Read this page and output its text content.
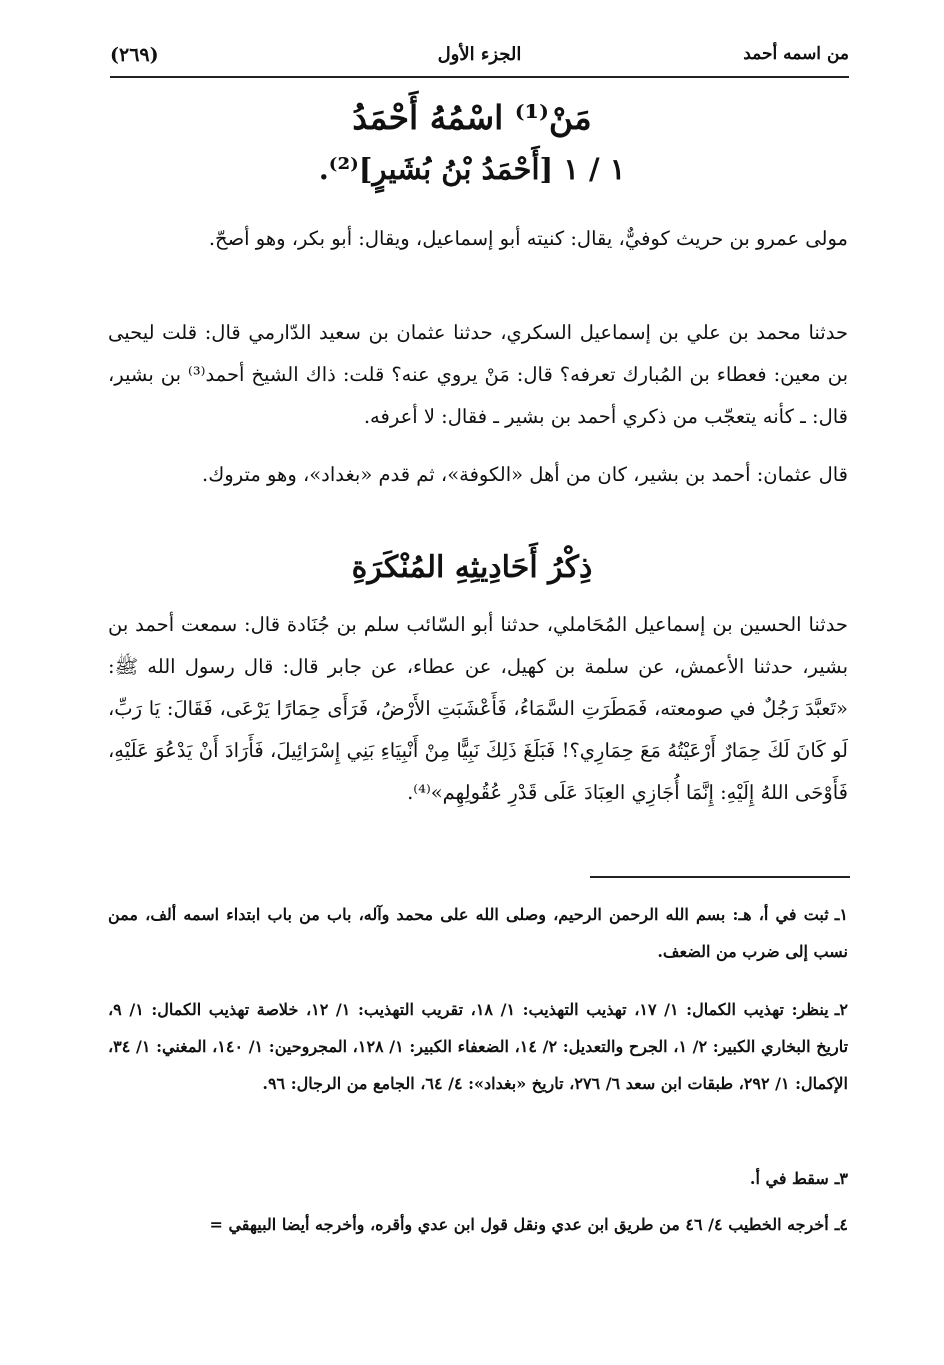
من اسمه أحمد
الجزء الأول
(٢٦٩)
مَنْ⁽¹⁾ اسْمُهُ أَحْمَدُ
١ / ١ [أَحْمَدُ بْنُ بُشَيرٍ]⁽²⁾.
مولى عمرو بن حريث كوفيٌّ، يقال: كنيته أبو إسماعيل، ويقال: أبو بكر، وهو أصحّ.
حدثنا محمد بن علي بن إسماعيل السكري، حدثنا عثمان بن سعيد الدّارمي قال: قلت ليحيى بن معين: فعطاء بن المُبارك تعرفه؟ قال: مَنْ يروي عنه؟ قلت: ذاك الشيخ أحمد⁽³⁾ بن بشير، قال: ـ كأنه يتعجّب من ذكري أحمد بن بشير ـ فقال: لا أعرفه.
قال عثمان: أحمد بن بشير، كان من أهل «الكوفة»، ثم قدم «بغداد»، وهو متروك.
ذِكْرُ أَحَادِيثِهِ المُنْكَرَةِ
حدثنا الحسين بن إسماعيل المُحَاملي، حدثنا أبو السّائب سلم بن جُنَادة قال: سمعت أحمد بن بشير، حدثنا الأعمش، عن سلمة بن كهيل، عن عطاء، عن جابر قال: قال رسول الله ﷺ: «تَعبَّدَ رَجُلٌ في صومعته، فَمَطَرَتِ السَّمَاءُ، فَأَعْشَبَتِ الأَرْضُ، فَرَأَى حِمَارًا يَرْعَى، فَقَالَ: يَا رَبِّ، لَو كَانَ لَكَ حِمَارٌ أَرْعَيْتُهُ مَعَ حِمَارِي؟! فَبَلَغَ ذَلِكَ نَبِيًّا مِنْ أَنْبِيَاءِ بَنِي إِسْرَائِيلَ، فَأَرَادَ أَنْ يَدْعُوَ عَلَيْهِ، فَأَوْحَى اللهُ إِلَيْهِ: إِنَّمَا أُجَازِي العِبَادَ عَلَى قَدْرِ عُقُولِهِم»⁽⁴⁾.
١ـثبت في أ، هـ: بسم الله الرحمن الرحيم، وصلى الله على محمد وآله، باب من باب ابتداء اسمه ألف، ممن نسب إلى ضرب من الضعف.
٢ـينظر: تهذيب الكمال: ١/ ١٧، تهذيب التهذيب: ١/ ١٨، تقريب التهذيب: ١/ ١٢، خلاصة تهذيب الكمال: ١/ ٩، تاريخ البخاري الكبير: ٢/ ١، الجرح والتعديل: ٢/ ١٤، الضعفاء الكبير: ١/ ١٢٨، المجروحين: ١/ ١٤٠، المغني: ١/ ٣٤، الإكمال: ١/ ٢٩٢، طبقات ابن سعد ٦/ ٢٧٦، تاريخ «بغداد»: ٤/ ٦٤، الجامع من الرجال: ٩٦.
٣ـسقط في أ.
٤ـأخرجه الخطيب ٤/ ٤٦ من طريق ابن عدي ونقل قول ابن عدي وأقره، وأخرجه أيضا البيهقي =
